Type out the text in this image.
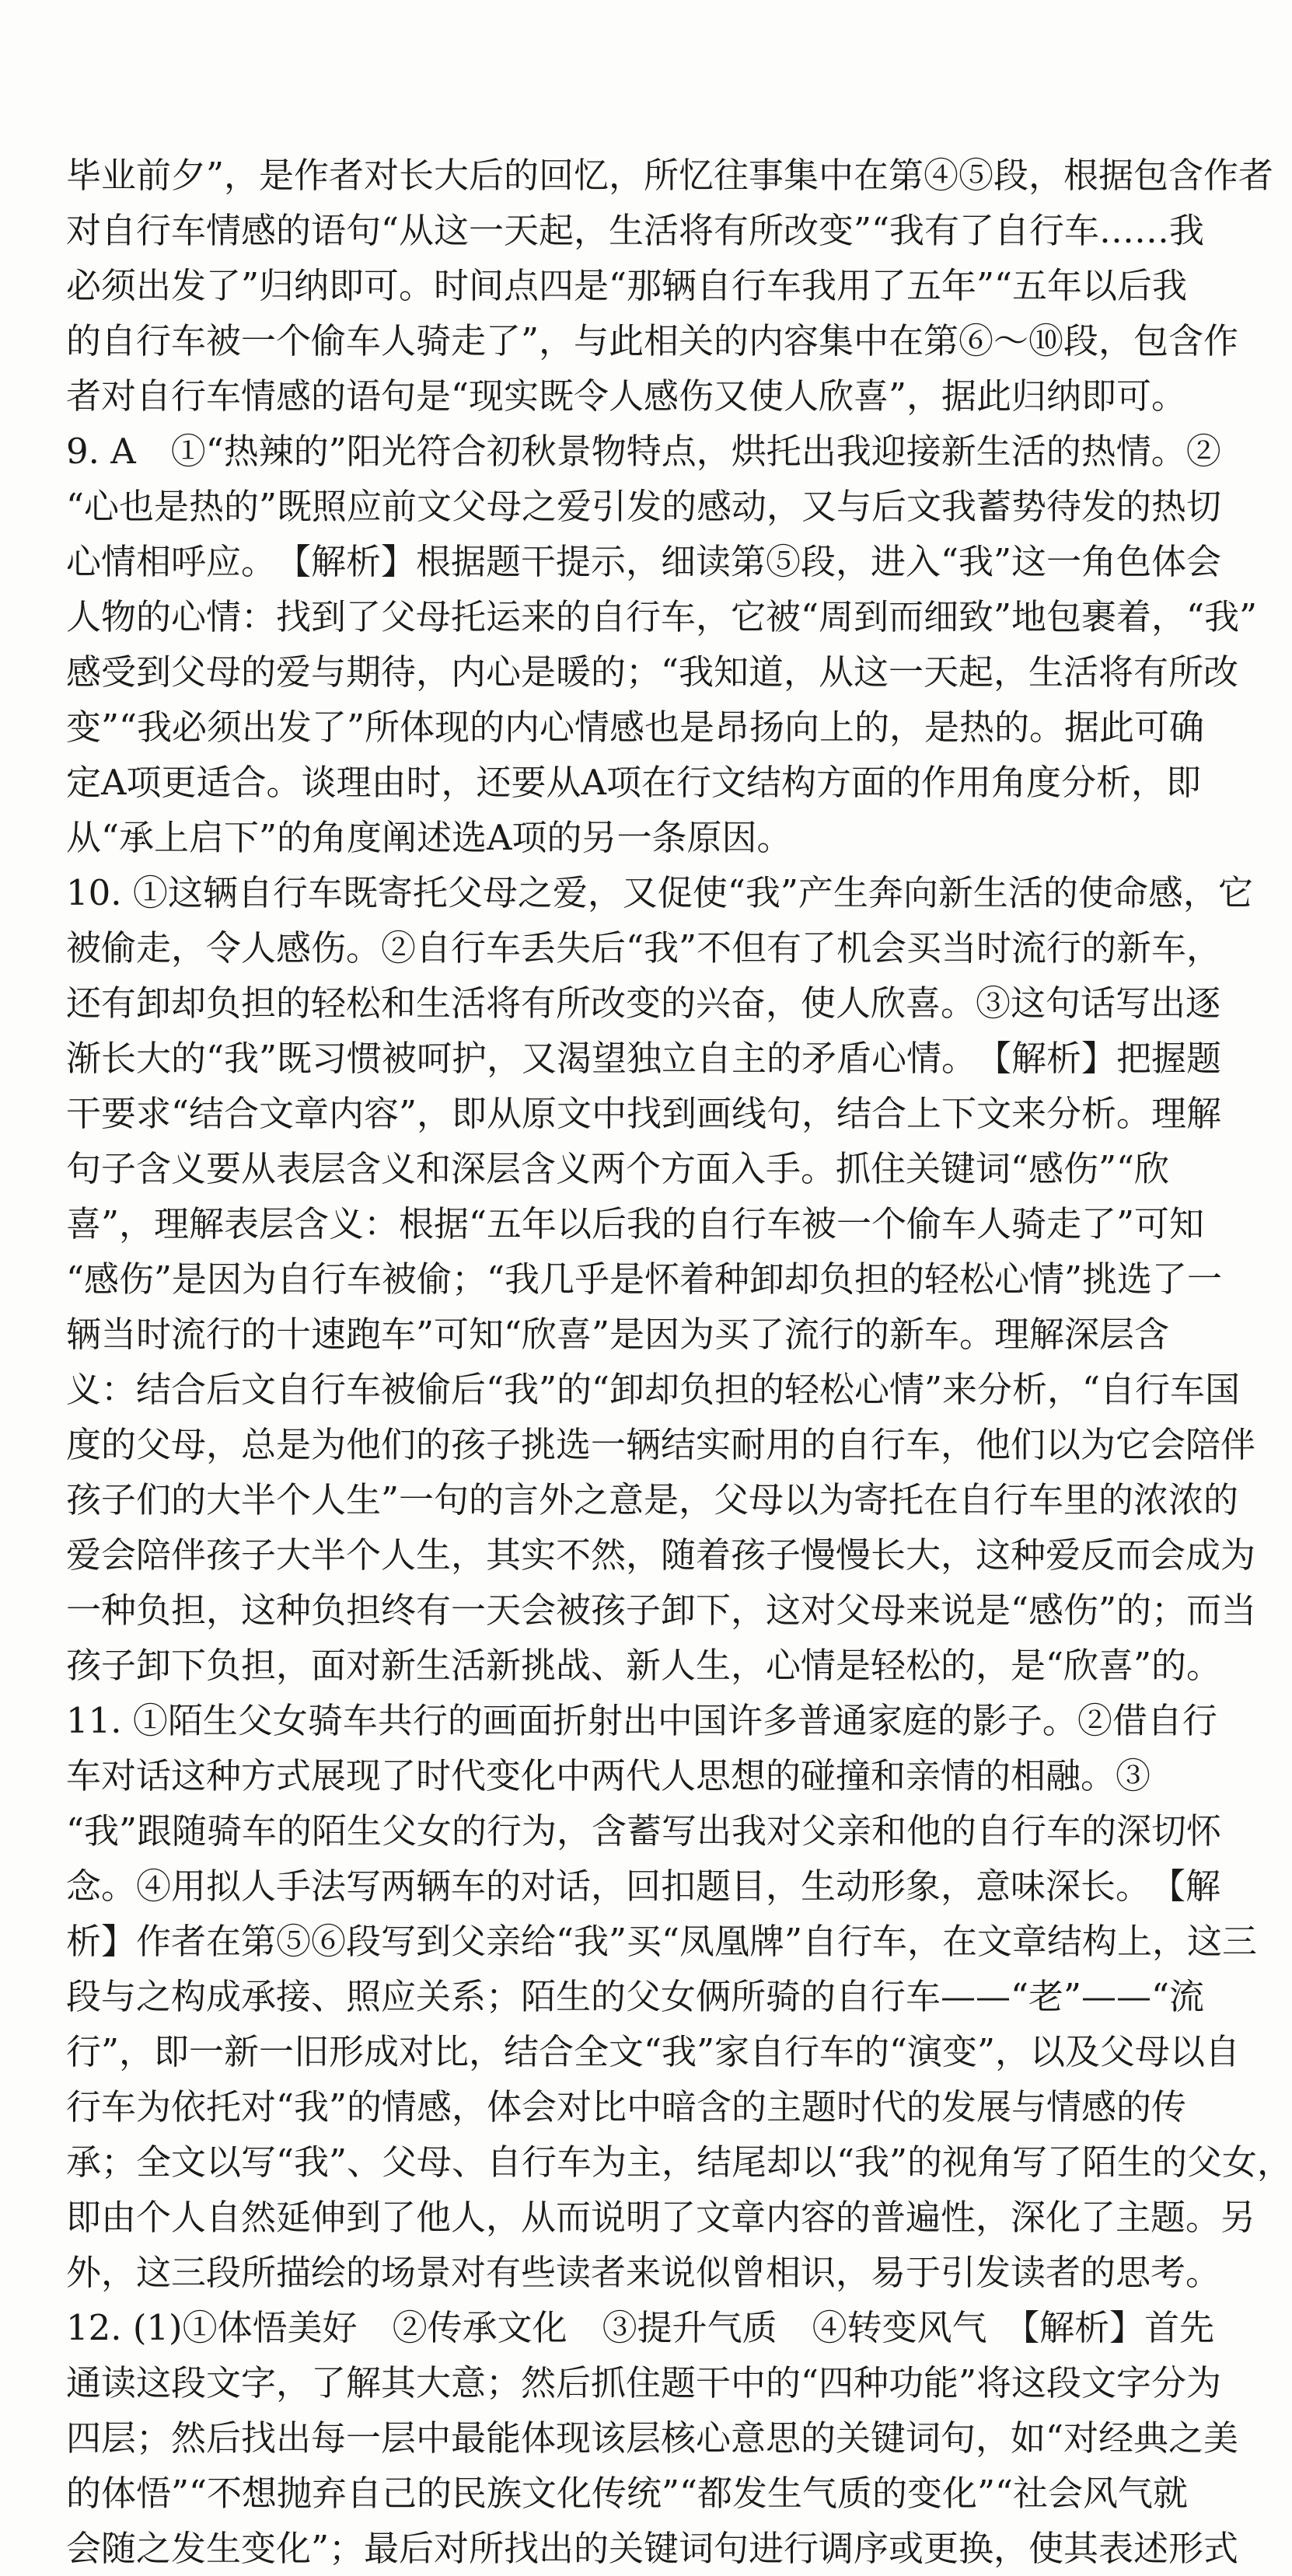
毕业前夕”，是作者对长大后的回忆，所忆往事集中在第④⑤段，根据包含作者
对自行车情感的语句“从这一天起，生活将有所改变”“我有了自行车……我
必须出发了”归纳即可。时间点四是“那辆自行车我用了五年”“五年以后我
的自行车被一个偷车人骑走了”，与此相关的内容集中在第⑥～⑩段，包含作
者对自行车情感的语句是“现实既令人感伤又使人欣喜”，据此归纳即可。
9. A　①“热辣的”阳光符合初秋景物特点，烘托出我迎接新生活的热情。②
“心也是热的”既照应前文父母之爱引发的感动，又与后文我蓄势待发的热切
心情相呼应。　【解析】根据题干提示，细读第⑤段，进入“我”这一角色体会
人物的心情：找到了父母托运来的自行车，它被“周到而细致”地包裹着，“我”
感受到父母的爱与期待，内心是暖的；“我知道，从这一天起，生活将有所改
变”“我必须出发了”所体现的内心情感也是昂扬向上的，是热的。据此可确
定A项更适合。谈理由时，还要从A项在行文结构方面的作用角度分析，即
从“承上启下”的角度阐述选A项的另一条原因。
10. ①这辆自行车既寄托父母之爱，又促使“我”产生奔向新生活的使命感，它
被偷走，令人感伤。②自行车丢失后“我”不但有了机会买当时流行的新车，
还有卸却负担的轻松和生活将有所改变的兴奋，使人欣喜。③这句话写出逐
渐长大的“我”既习惯被呵护，又渴望独立自主的矛盾心情。　【解析】把握题
干要求“结合文章内容”，即从原文中找到画线句，结合上下文来分析。理解
句子含义要从表层含义和深层含义两个方面入手。抓住关键词“感伤”“欣
喜”，理解表层含义：根据“五年以后我的自行车被一个偷车人骑走了”可知
“感伤”是因为自行车被偷；“我几乎是怀着种卸却负担的轻松心情”挑选了一
辆当时流行的十速跑车”可知“欣喜”是因为买了流行的新车。理解深层含
义：结合后文自行车被偷后“我”的“卸却负担的轻松心情”来分析，“自行车国
度的父母，总是为他们的孩子挑选一辆结实耐用的自行车，他们以为它会陪伴
孩子们的大半个人生”一句的言外之意是，父母以为寄托在自行车里的浓浓的
爱会陪伴孩子大半个人生，其实不然，随着孩子慢慢长大，这种爱反而会成为
一种负担，这种负担终有一天会被孩子卸下，这对父母来说是“感伤”的；而当
孩子卸下负担，面对新生活新挑战、新人生，心情是轻松的，是“欣喜”的。
11. ①陌生父女骑车共行的画面折射出中国许多普通家庭的影子。②借自行
车对话这种方式展现了时代变化中两代人思想的碰撞和亲情的相融。③
“我”跟随骑车的陌生父女的行为，含蓄写出我对父亲和他的自行车的深切怀
念。④用拟人手法写两辆车的对话，回扣题目，生动形象，意味深长。　【解
析】作者在第⑤⑥段写到父亲给“我”买“凤凰牌”自行车，在文章结构上，这三
段与之构成承接、照应关系；陌生的父女俩所骑的自行车——“老”——“流
行”，即一新一旧形成对比，结合全文“我”家自行车的“演变”，以及父母以自
行车为依托对“我”的情感，体会对比中暗含的主题时代的发展与情感的传
承；全文以写“我”、父母、自行车为主，结尾却以“我”的视角写了陌生的父女，
即由个人自然延伸到了他人，从而说明了文章内容的普遍性，深化了主题。另
外，这三段所描绘的场景对有些读者来说似曾相识，易于引发读者的思考。
12. (1)①体悟美好　②传承文化　③提升气质　④转变风气　【解析】首先
通读这段文字，了解其大意；然后抓住题干中的“四种功能”将这段文字分为
四层；然后找出每一层中最能体现该层核心意思的关键词句，如“对经典之美
的体悟”“不想抛弃自己的民族文化传统”“都发生气质的变化”“社会风气就
会随之发生变化”；最后对所找出的关键词句进行调序或更换，使其表述形式
